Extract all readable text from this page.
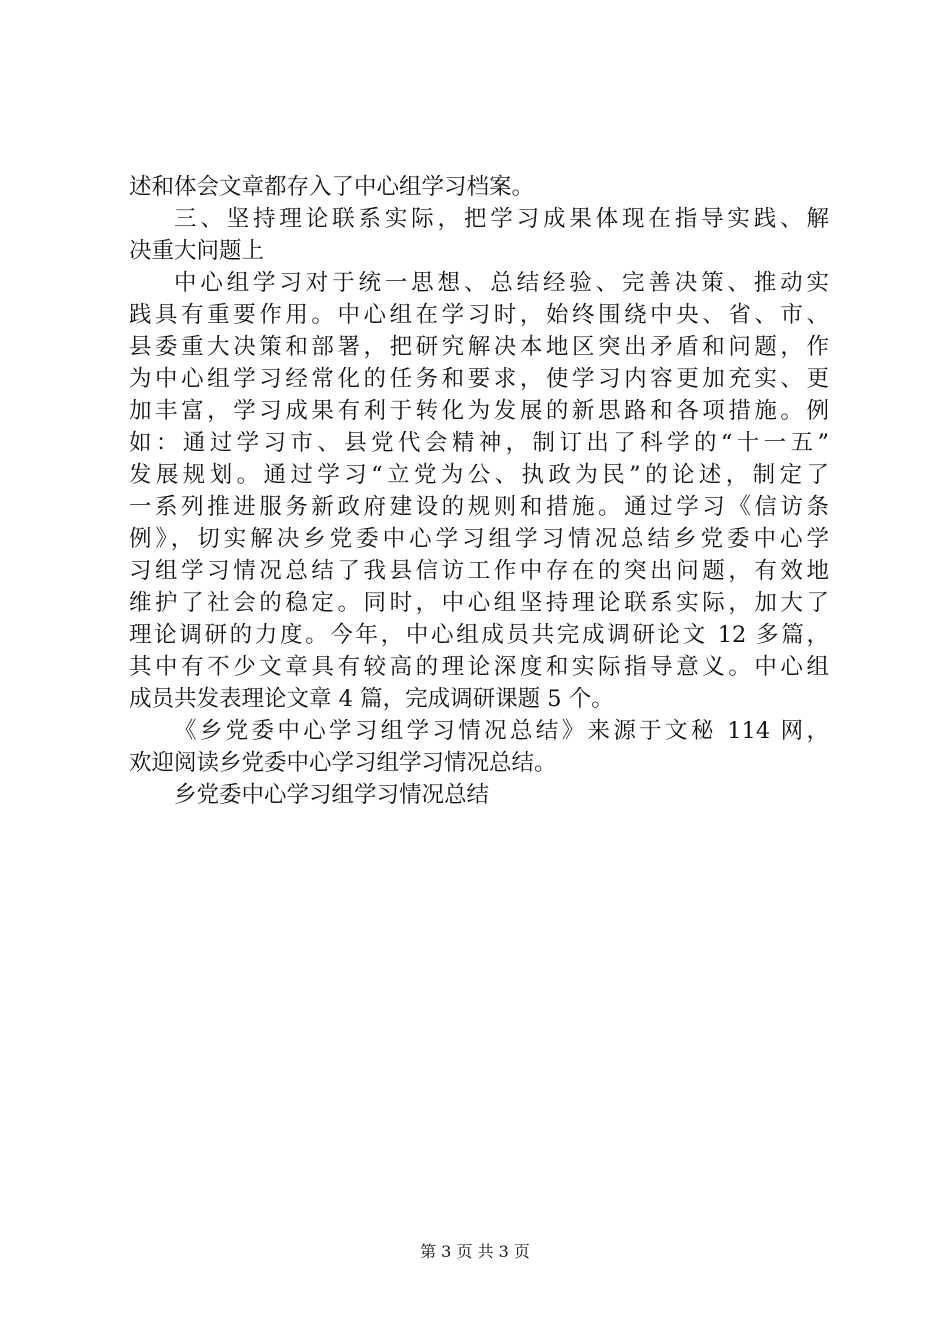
述和体会文章都存入了中心组学习档案。
三、坚持理论联系实际，把学习成果体现在指导实践、解
决重大问题上
中心组学习对于统一思想、总结经验、完善决策、推动实
践具有重要作用。中心组在学习时，始终围绕中央、省、市、
县委重大决策和部署，把研究解决本地区突出矛盾和问题，作
为中心组学习经常化的任务和要求，使学习内容更加充实、更
加丰富，学习成果有利于转化为发展的新思路和各项措施。例
如：通过学习市、县党代会精神，制订出了科学的“十一五”
发展规划。通过学习“立党为公、执政为民”的论述，制定了
一系列推进服务新政府建设的规则和措施。通过学习《信访条
例》，切实解决乡党委中心学习组学习情况总结乡党委中心学
习组学习情况总结了我县信访工作中存在的突出问题，有效地
维护了社会的稳定。同时，中心组坚持理论联系实际，加大了
理论调研的力度。今年，中心组成员共完成调研论文 12 多篇，
其中有不少文章具有较高的理论深度和实际指导意义。中心组
成员共发表理论文章 4 篇，完成调研课题 5 个。
《乡党委中心学习组学习情况总结》来源于文秘 114 网，
欢迎阅读乡党委中心学习组学习情况总结。
乡党委中心学习组学习情况总结
第 3 页 共 3 页
